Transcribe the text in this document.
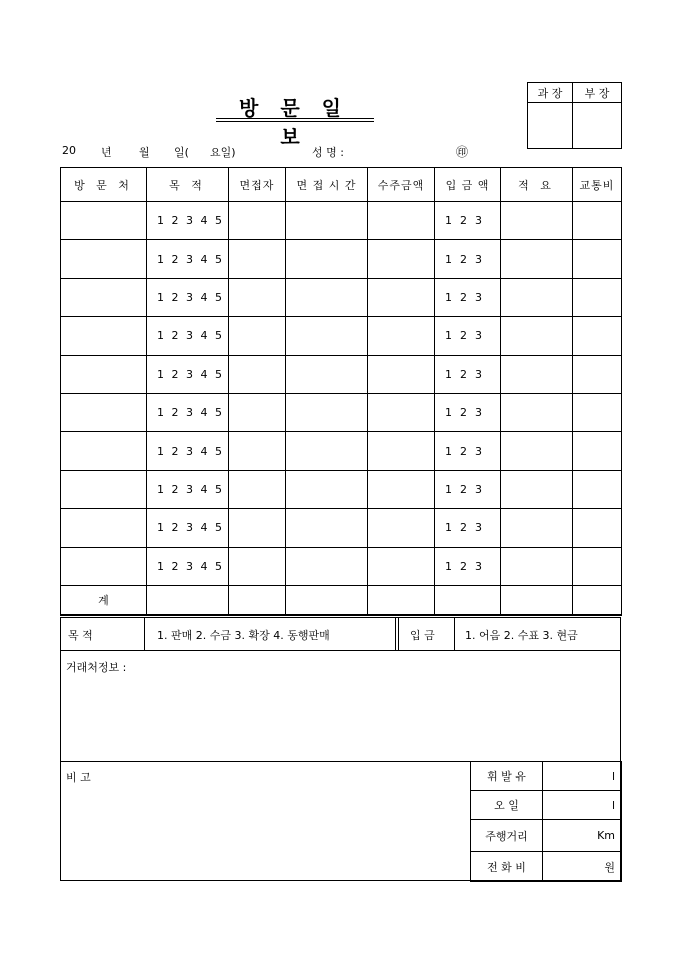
방문일보
과 장	부 장

20 년 월 일( 요일)	성 명 :	㊞
방 문 처	목 적	면접자	면 접 시 간	수주금액	입 금 액	적 요	교통비
	1 2 3 4 5				1 2 3		
	1 2 3 4 5				1 2 3		
	1 2 3 4 5				1 2 3		
	1 2 3 4 5				1 2 3		
	1 2 3 4 5				1 2 3		
	1 2 3 4 5				1 2 3		
	1 2 3 4 5				1 2 3		
	1 2 3 4 5				1 2 3		
	1 2 3 4 5				1 2 3		
	1 2 3 4 5				1 2 3		
계							
목 적	1. 판매 2. 수금 3. 확장 4. 동행판매	입 금	1. 어음 2. 수표 3. 현금
거래처정보 :
비 고	휘 발 유	l
오 일	l
주행거리	Km
전 화 비	원
